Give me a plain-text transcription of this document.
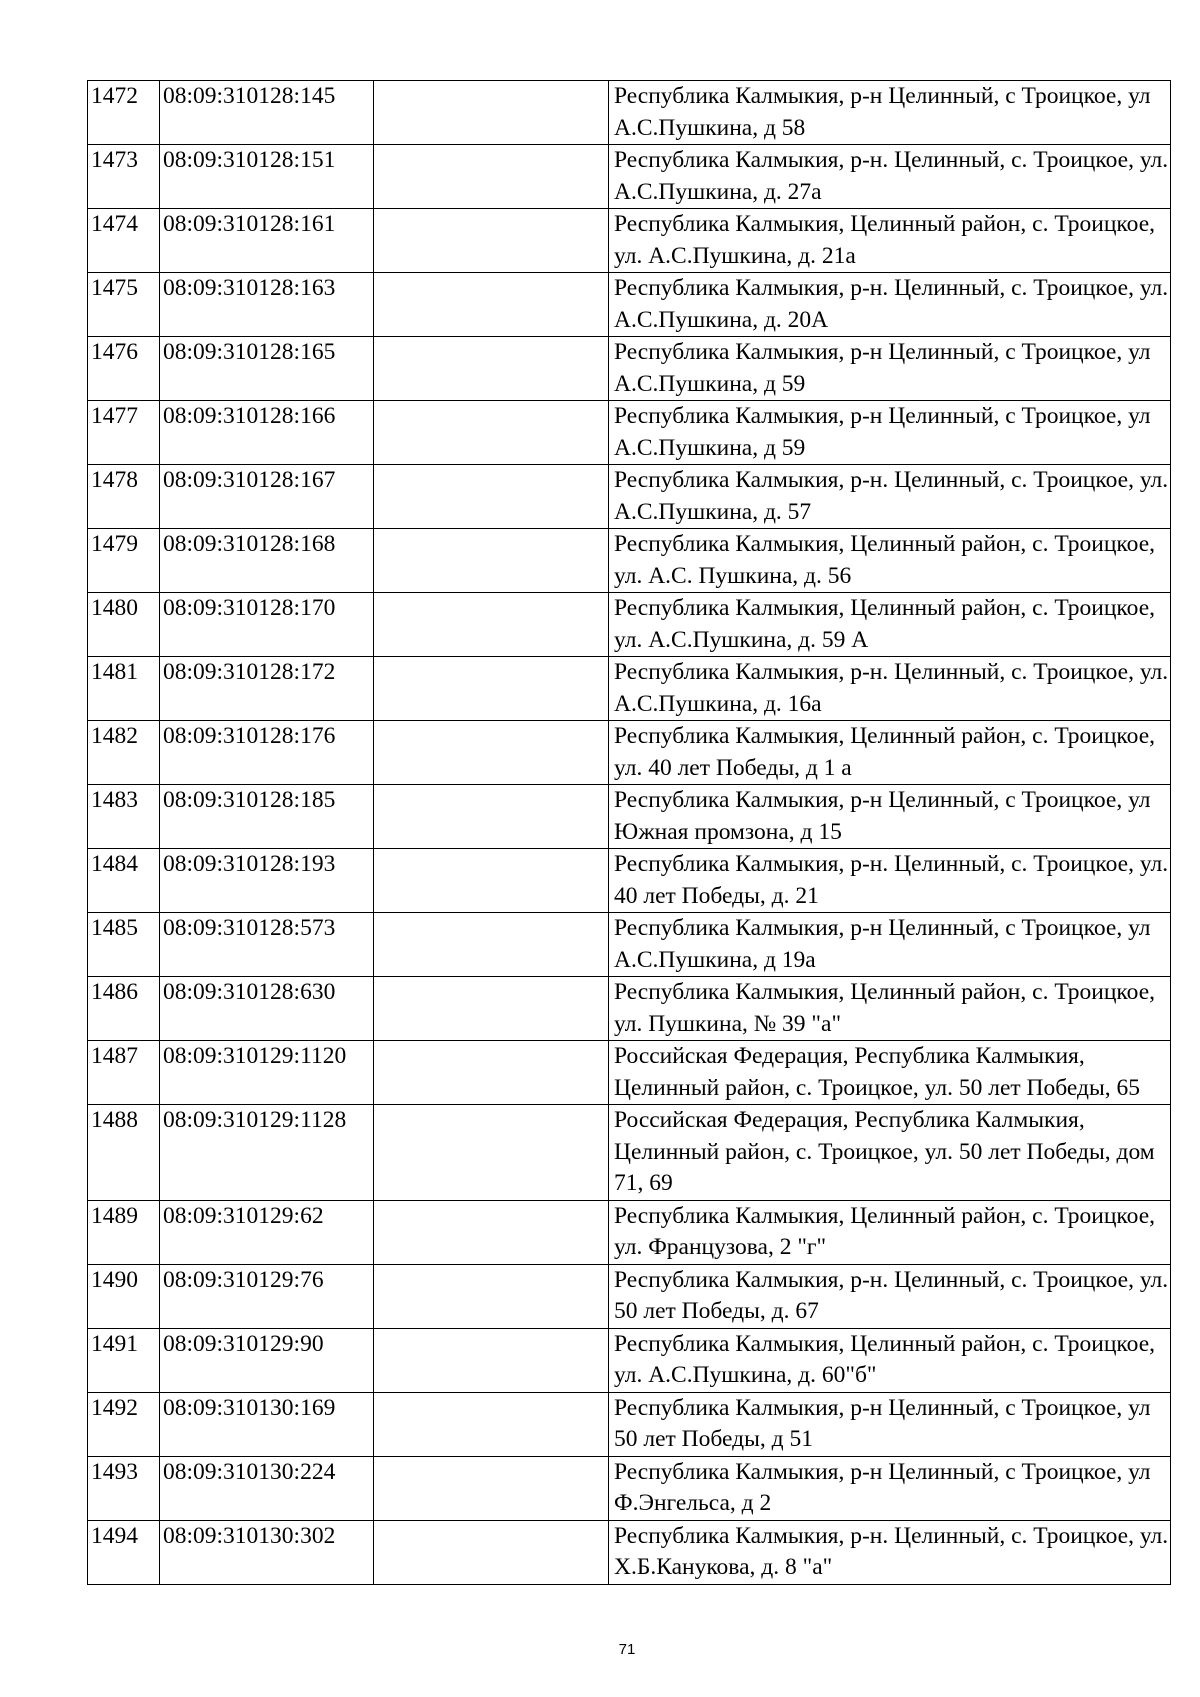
1472	08:09:310128:145		Республика Калмыкия, р-н Целинный, с Троицкое, ул А.С.Пушкина, д 58
1473	08:09:310128:151		Республика Калмыкия, р-н. Целинный, с. Троицкое, ул. А.С.Пушкина, д. 27а
1474	08:09:310128:161		Республика Калмыкия, Целинный район, с. Троицкое, ул. А.С.Пушкина, д. 21а
1475	08:09:310128:163		Республика Калмыкия, р-н. Целинный, с. Троицкое, ул. А.С.Пушкина, д. 20А
1476	08:09:310128:165		Республика Калмыкия, р-н Целинный, с Троицкое, ул А.С.Пушкина, д 59
1477	08:09:310128:166		Республика Калмыкия, р-н Целинный, с Троицкое, ул А.С.Пушкина, д 59
1478	08:09:310128:167		Республика Калмыкия, р-н. Целинный, с. Троицкое, ул. А.С.Пушкина, д. 57
1479	08:09:310128:168		Республика Калмыкия, Целинный район, с. Троицкое, ул. А.С. Пушкина, д. 56
1480	08:09:310128:170		Республика Калмыкия, Целинный район, с. Троицкое, ул. А.С.Пушкина, д. 59 А
1481	08:09:310128:172		Республика Калмыкия, р-н. Целинный, с. Троицкое, ул. А.С.Пушкина, д. 16а
1482	08:09:310128:176		Республика Калмыкия, Целинный район, с. Троицкое, ул. 40 лет Победы, д 1 а
1483	08:09:310128:185		Республика Калмыкия, р-н Целинный, с Троицкое, ул Южная промзона, д 15
1484	08:09:310128:193		Республика Калмыкия, р-н. Целинный, с. Троицкое, ул. 40 лет Победы, д. 21
1485	08:09:310128:573		Республика Калмыкия, р-н Целинный, с Троицкое, ул А.С.Пушкина, д 19а
1486	08:09:310128:630		Республика Калмыкия, Целинный район, с. Троицкое, ул. Пушкина, № 39 "а"
1487	08:09:310129:1120		Российская Федерация, Республика Калмыкия, Целинный район, с. Троицкое, ул. 50 лет Победы, 65
1488	08:09:310129:1128		Российская Федерация, Республика Калмыкия, Целинный район, с. Троицкое, ул. 50 лет Победы, дом 71, 69
1489	08:09:310129:62		Республика Калмыкия, Целинный район, с. Троицкое, ул. Французова, 2 "г"
1490	08:09:310129:76		Республика Калмыкия, р-н. Целинный, с. Троицкое, ул. 50 лет Победы, д. 67
1491	08:09:310129:90		Республика Калмыкия, Целинный район, с. Троицкое, ул. А.С.Пушкина, д. 60"б"
1492	08:09:310130:169		Республика Калмыкия, р-н Целинный, с Троицкое, ул 50 лет Победы, д 51
1493	08:09:310130:224		Республика Калмыкия, р-н Целинный, с Троицкое, ул Ф.Энгельса, д 2
1494	08:09:310130:302		Республика Калмыкия, р-н. Целинный, с. Троицкое, ул. Х.Б.Канукова, д. 8 "а"
71
